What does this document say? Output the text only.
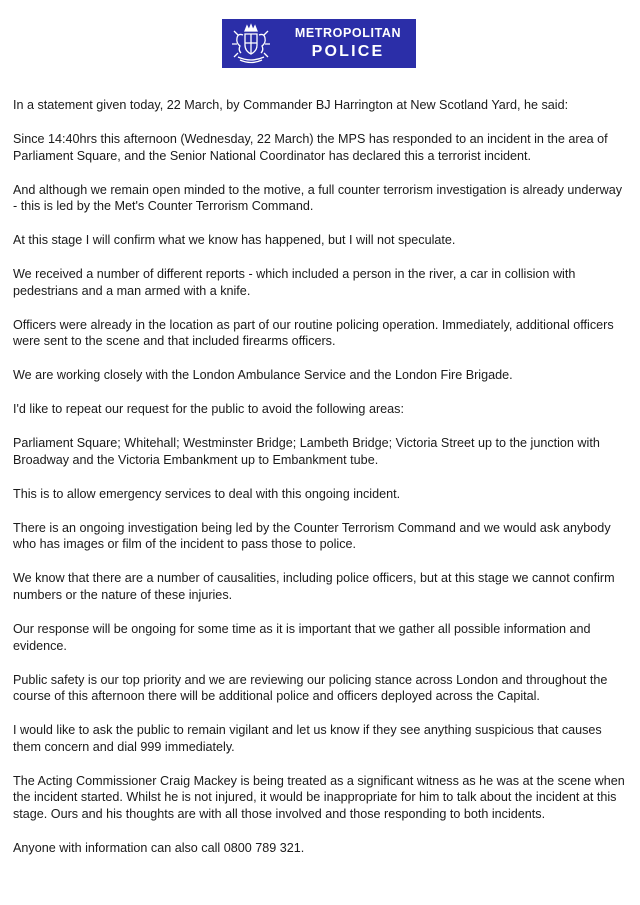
METROPOLITAN
POLICE

In a statement given today, 22 March, by Commander BJ Harrington at New Scotland Yard, he said:

Since 14:40hrs this afternoon (Wednesday, 22 March) the MPS has responded to an incident in the area of Parliament Square, and the Senior National Coordinator has declared this a terrorist incident.

And although we remain open minded to the motive, a full counter terrorism investigation is already underway - this is led by the Met's Counter Terrorism Command.

At this stage I will confirm what we know has happened, but I will not speculate.

We received a number of different reports - which included a person in the river, a car in collision with pedestrians and a man armed with a knife.

Officers were already in the location as part of our routine policing operation. Immediately, additional officers were sent to the scene and that included firearms officers.

We are working closely with the London Ambulance Service and the London Fire Brigade.

I'd like to repeat our request for the public to avoid the following areas:

Parliament Square; Whitehall; Westminster Bridge; Lambeth Bridge; Victoria Street up to the junction with Broadway and the Victoria Embankment up to Embankment tube.

This is to allow emergency services to deal with this ongoing incident.

There is an ongoing investigation being led by the Counter Terrorism Command and we would ask anybody who has images or film of the incident to pass those to police.

We know that there are a number of causalities, including police officers, but at this stage we cannot confirm numbers or the nature of these injuries.

Our response will be ongoing for some time as it is important that we gather all possible information and evidence.

Public safety is our top priority and we are reviewing our policing stance across London and throughout the course of this afternoon there will be additional police and officers deployed across the Capital.

I would like to ask the public to remain vigilant and let us know if they see anything suspicious that causes them concern and dial 999 immediately.

The Acting Commissioner Craig Mackey is being treated as a significant witness as he was at the scene when the incident started. Whilst he is not injured, it would be inappropriate for him to talk about the incident at this stage. Ours and his thoughts are with all those involved and those responding to both incidents.

Anyone with information can also call 0800 789 321.
